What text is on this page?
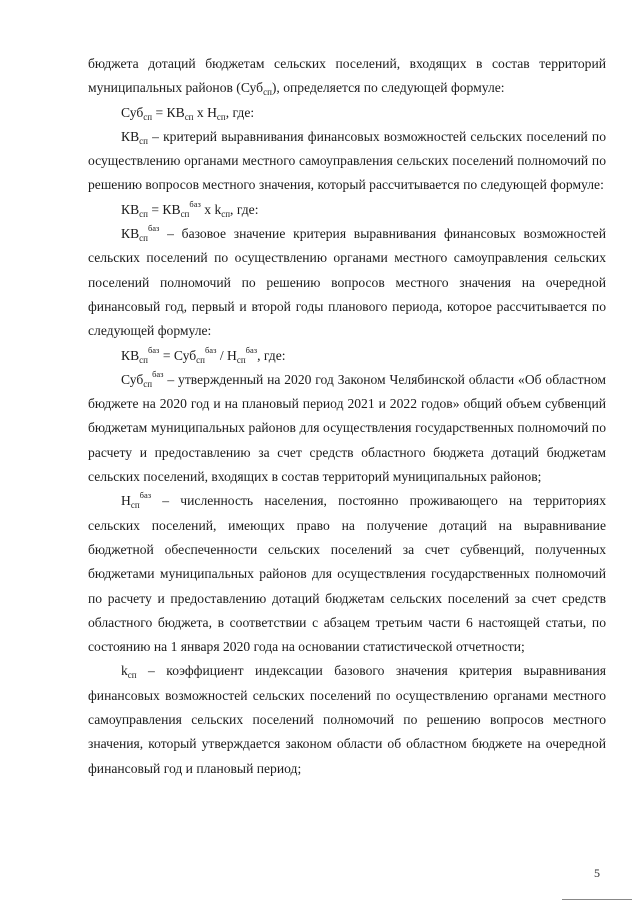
бюджета дотаций бюджетам сельских поселений, входящих в состав территорий муниципальных районов (Суб$_{сп}$), определяется по следующей формуле:

$Суб_{сп} = КВ_{сп}$ х $Н_{сп}$, где:

$КВ_{сп}$ – критерий выравнивания финансовых возможностей сельских поселений по осуществлению органами местного самоуправления сельских поселений полномочий по решению вопросов местного значения, который рассчитывается по следующей формуле:

$КВ_{сп} = КВ_{сп}^{баз}$ х $k_{сп}$, где:

$КВ_{сп}^{баз}$ – базовое значение критерия выравнивания финансовых возможностей сельских поселений по осуществлению органами местного самоуправления сельских поселений полномочий по решению вопросов местного значения на очередной финансовый год, первый и второй годы планового периода, которое рассчитывается по следующей формуле:

$КВ_{сп}^{баз} = Суб_{сп}^{баз} / Н_{сп}^{баз}$, где:

Суб$_{сп}^{баз}$ – утвержденный на 2020 год Законом Челябинской области «Об областном бюджете на 2020 год и на плановый период 2021 и 2022 годов» общий объем субвенций бюджетам муниципальных районов для осуществления государственных полномочий по расчету и предоставлению за счет средств областного бюджета дотаций бюджетам сельских поселений, входящих в состав территорий муниципальных районов;

$Н_{сп}^{баз}$ – численность населения, постоянно проживающего на территориях сельских поселений, имеющих право на получение дотаций на выравнивание бюджетной обеспеченности сельских поселений за счет субвенций, полученных бюджетами муниципальных районов для осуществления государственных полномочий по расчету и предоставлению дотаций бюджетам сельских поселений за счет средств областного бюджета, в соответствии с абзацем третьим части 6 настоящей статьи, по состоянию на 1 января 2020 года на основании статистической отчетности;

$k_{сп}$ – коэффициент индексации базового значения критерия выравнивания финансовых возможностей сельских поселений по осуществлению органами местного самоуправления сельских поселений полномочий по решению вопросов местного значения, который утверждается законом области об областном бюджете на очередной финансовый год и плановый период;

5
